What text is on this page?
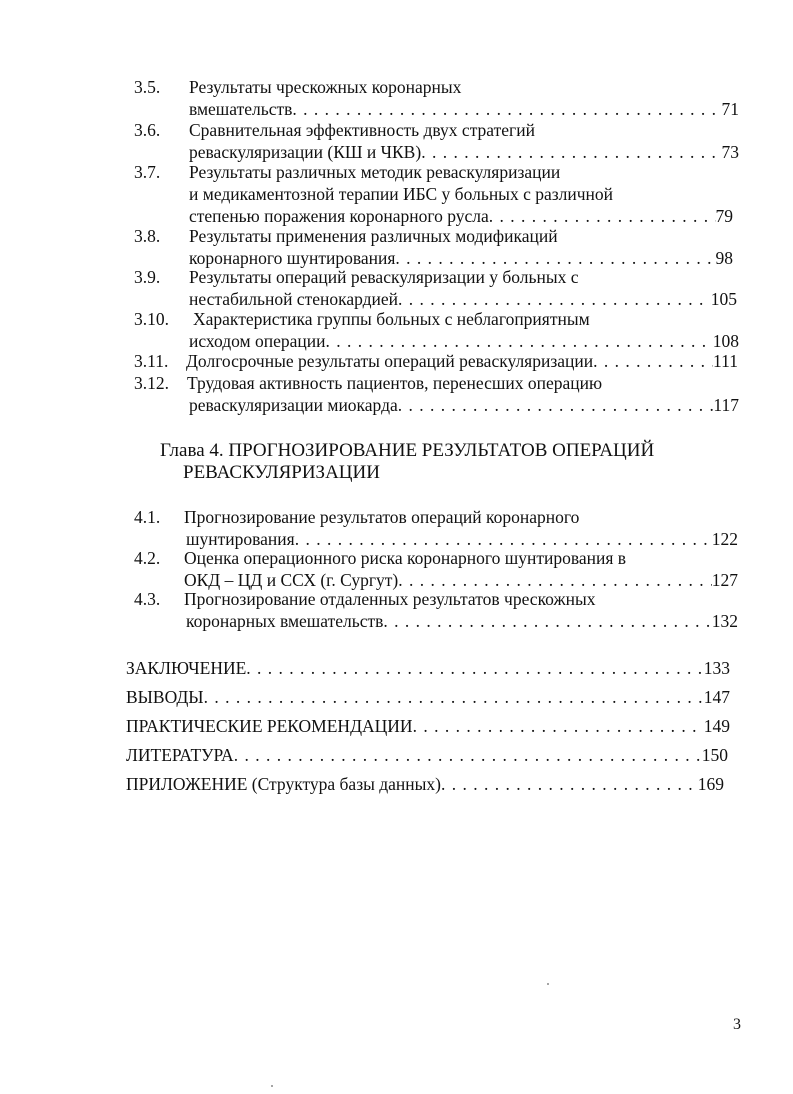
3.5. Результаты чрескожных коронарных
вмешательств . . .	71
3.6. Сравнительная эффективность двух стратегий
реваскуляризации (КШ и ЧКВ) . . .	73
3.7. Результаты различных методик реваскуляризации
и медикаментозной терапии ИБС у больных с различной
степенью поражения коронарного русла . . .	79
3.8. Результаты применения различных модификаций
коронарного шунтирования . . .	98
3.9. Результаты операций реваскуляризации у больных с
нестабильной стенокардией . . .	105
3.10. Характеристика группы больных с неблагоприятным
исходом операции . . .	108
3.11. Долгосрочные результаты операций реваскуляризации . . .	111
3.12. Трудовая активность пациентов, перенесших операцию
реваскуляризации миокарда . . .	117
Глава 4. ПРОГНОЗИРОВАНИЕ РЕЗУЛЬТАТОВ ОПЕРАЦИЙ
РЕВАСКУЛЯРИЗАЦИИ
4.1. Прогнозирование результатов операций коронарного
шунтирования . . .	122
4.2. Оценка операционного риска коронарного шунтирования в
ОКД – ЦД и ССХ (г. Сургут) . . .	127
4.3. Прогнозирование отдаленных результатов чрескожных
коронарных вмешательств . . .	132
ЗАКЛЮЧЕНИЕ . . .	133
ВЫВОДЫ . . .	147
ПРАКТИЧЕСКИЕ РЕКОМЕНДАЦИИ . . .	149
ЛИТЕРАТУРА . . .	150
ПРИЛОЖЕНИЕ (Структура базы данных) . . .	169
3
